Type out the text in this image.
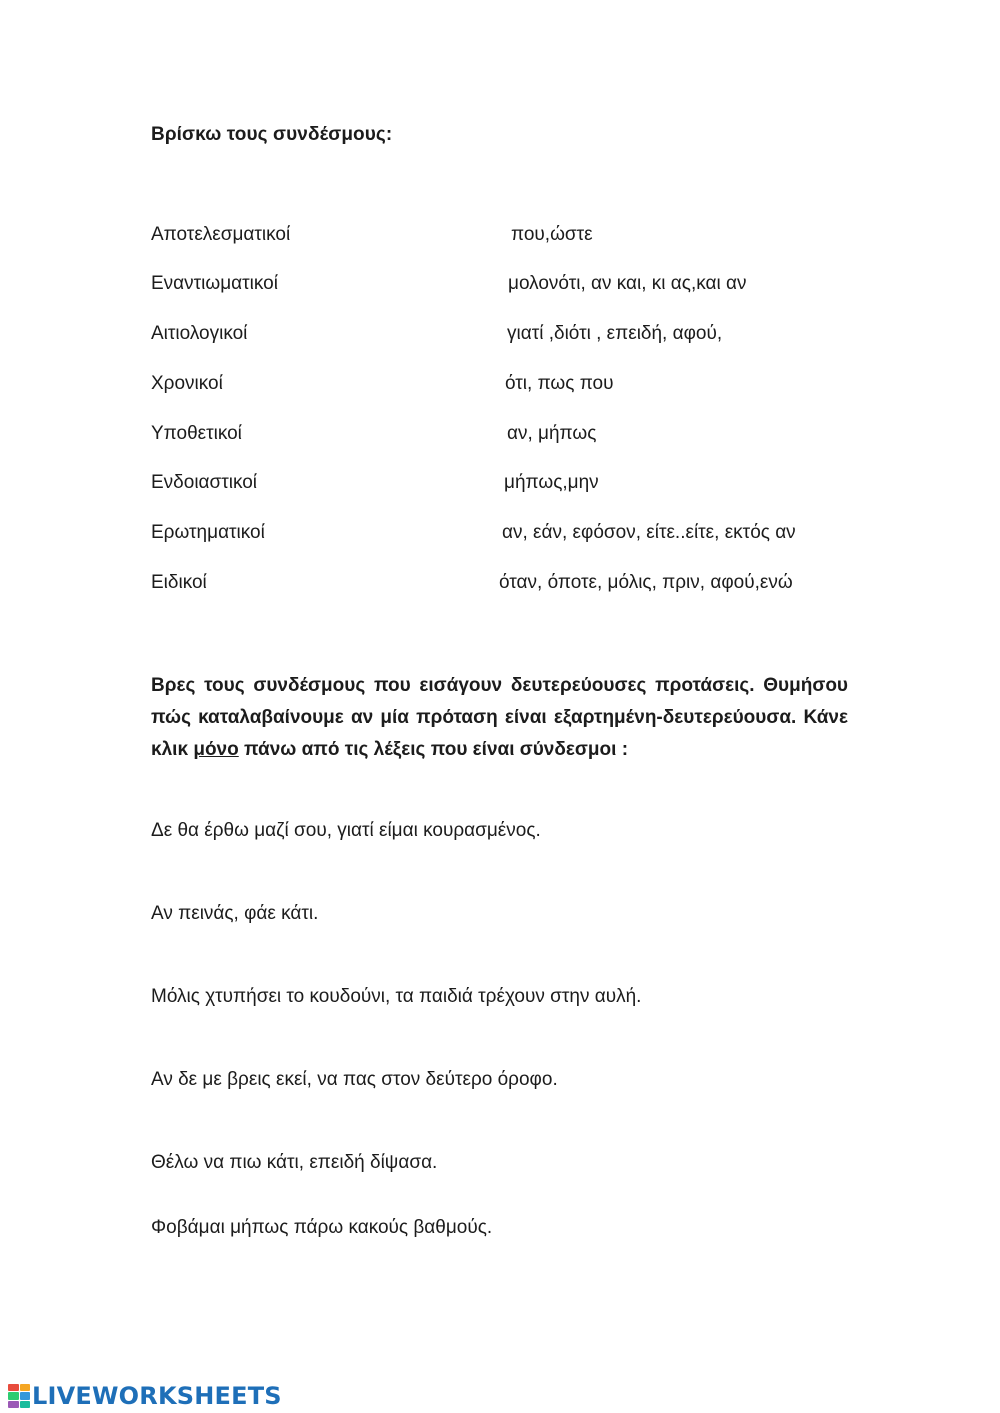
Βρίσκω τους συνδέσμους:
Αποτελεσματικοί	που,ώστε
Εναντιωματικοί	μολονότι, αν και, κι ας,και αν
Αιτιολογικοί	γιατί ,διότι , επειδή, αφού,
Χρονικοί	ότι, πως που
Υποθετικοί	αν, μήπως
Ενδοιαστικοί	μήπως,μην
Ερωτηματικοί	αν, εάν, εφόσον, είτε..είτε, εκτός αν
Ειδικοί	όταν, όποτε, μόλις, πριν, αφού,ενώ
Βρες τους συνδέσμους που εισάγουν δευτερεύουσες προτάσεις. Θυμήσου πώς καταλαβαίνουμε αν μία πρόταση είναι εξαρτημένη-δευτερεύουσα. Κάνε κλικ μόνο πάνω από τις λέξεις που είναι σύνδεσμοι :
Δε θα έρθω μαζί σου, γιατί είμαι κουρασμένος.
Αν πεινάς, φάε κάτι.
Μόλις χτυπήσει το κουδούνι, τα παιδιά τρέχουν στην αυλή.
Αν δε με βρεις εκεί, να πας στον δεύτερο όροφο.
Θέλω να πιω κάτι, επειδή δίψασα.
Φοβάμαι μήπως πάρω κακούς βαθμούς.
LIVEWORKSHEETS
